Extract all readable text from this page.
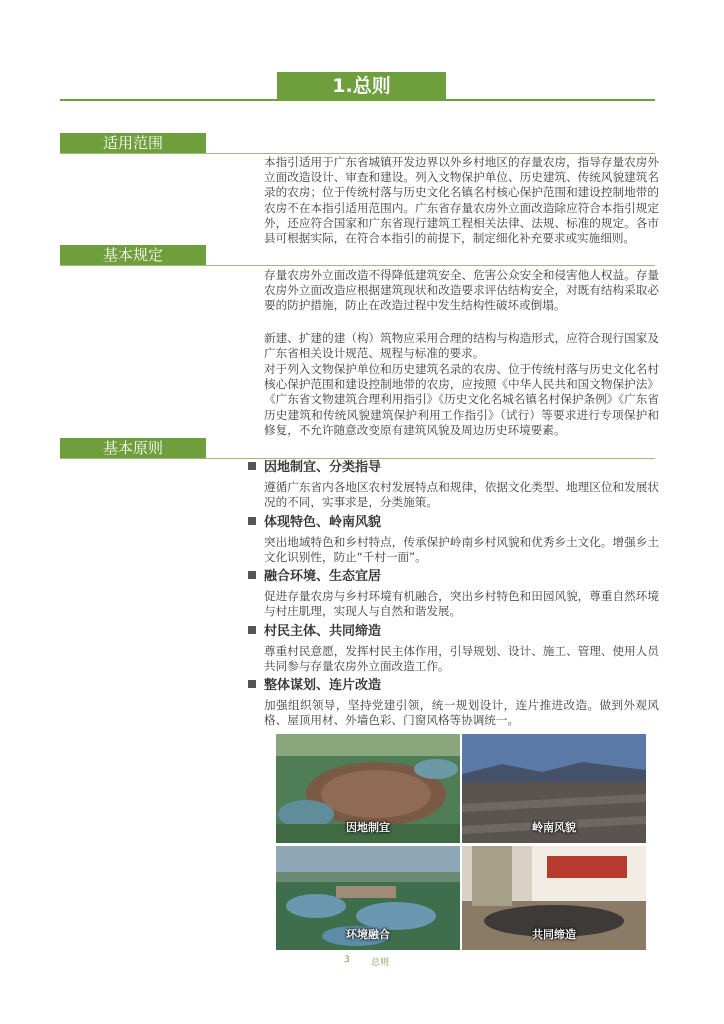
1.总则
适用范围

本指引适用于广东省城镇开发边界以外乡村地区的存量农房，指导存量农房外立面改造设计、审查和建设。列入文物保护单位、历史建筑、传统风貌建筑名录的农房；位于传统村落与历史文化名镇名村核心保护范围和建设控制地带的农房不在本指引适用范围内。广东省存量农房外立面改造除应符合本指引规定外，还应符合国家和广东省现行建筑工程相关法律、法规、标准的规定。各市县可根据实际，在符合本指引的前提下，制定细化补充要求或实施细则。

基本规定

存量农房外立面改造不得降低建筑安全、危害公众安全和侵害他人权益。存量农房外立面改造应根据建筑现状和改造要求评估结构安全，对既有结构采取必要的防护措施，防止在改造过程中发生结构性破坏或倒塌。

新建、扩建的建（构）筑物应采用合理的结构与构造形式，应符合现行国家及广东省相关设计规范、规程与标准的要求。

对于列入文物保护单位和历史建筑名录的农房、位于传统村落与历史文化名村核心保护范围和建设控制地带的农房，应按照《中华人民共和国文物保护法》《广东省文物建筑合理利用指引》《历史文化名城名镇名村保护条例》《广东省历史建筑和传统风貌建筑保护利用工作指引》（试行）等要求进行专项保护和修复，不允许随意改变原有建筑风貌及周边历史环境要素。

基本原则
因地制宜、分类指导

遵循广东省内各地区农村发展特点和规律，依据文化类型、地理区位和发展状况的不同，实事求是，分类施策。

体现特色、岭南风貌

突出地域特色和乡村特点，传承保护岭南乡村风貌和优秀乡土文化。增强乡土文化识别性，防止“千村一面”。

融合环境、生态宜居

促进存量农房与乡村环境有机融合，突出乡村特色和田园风貌，尊重自然环境与村庄肌理，实现人与自然和谐发展。

村民主体、共同缔造

尊重村民意愿，发挥村民主体作用，引导规划、设计、施工、管理、使用人员共同参与存量农房外立面改造工作。

整体谋划、连片改造

加强组织领导，坚持党建引领，统一规划设计，连片推进改造。做到外观风格、屋顶用材、外墙色彩、门窗风格等协调统一。

因地制宜	岭南风貌
环境融合	共同缔造
3 总则
